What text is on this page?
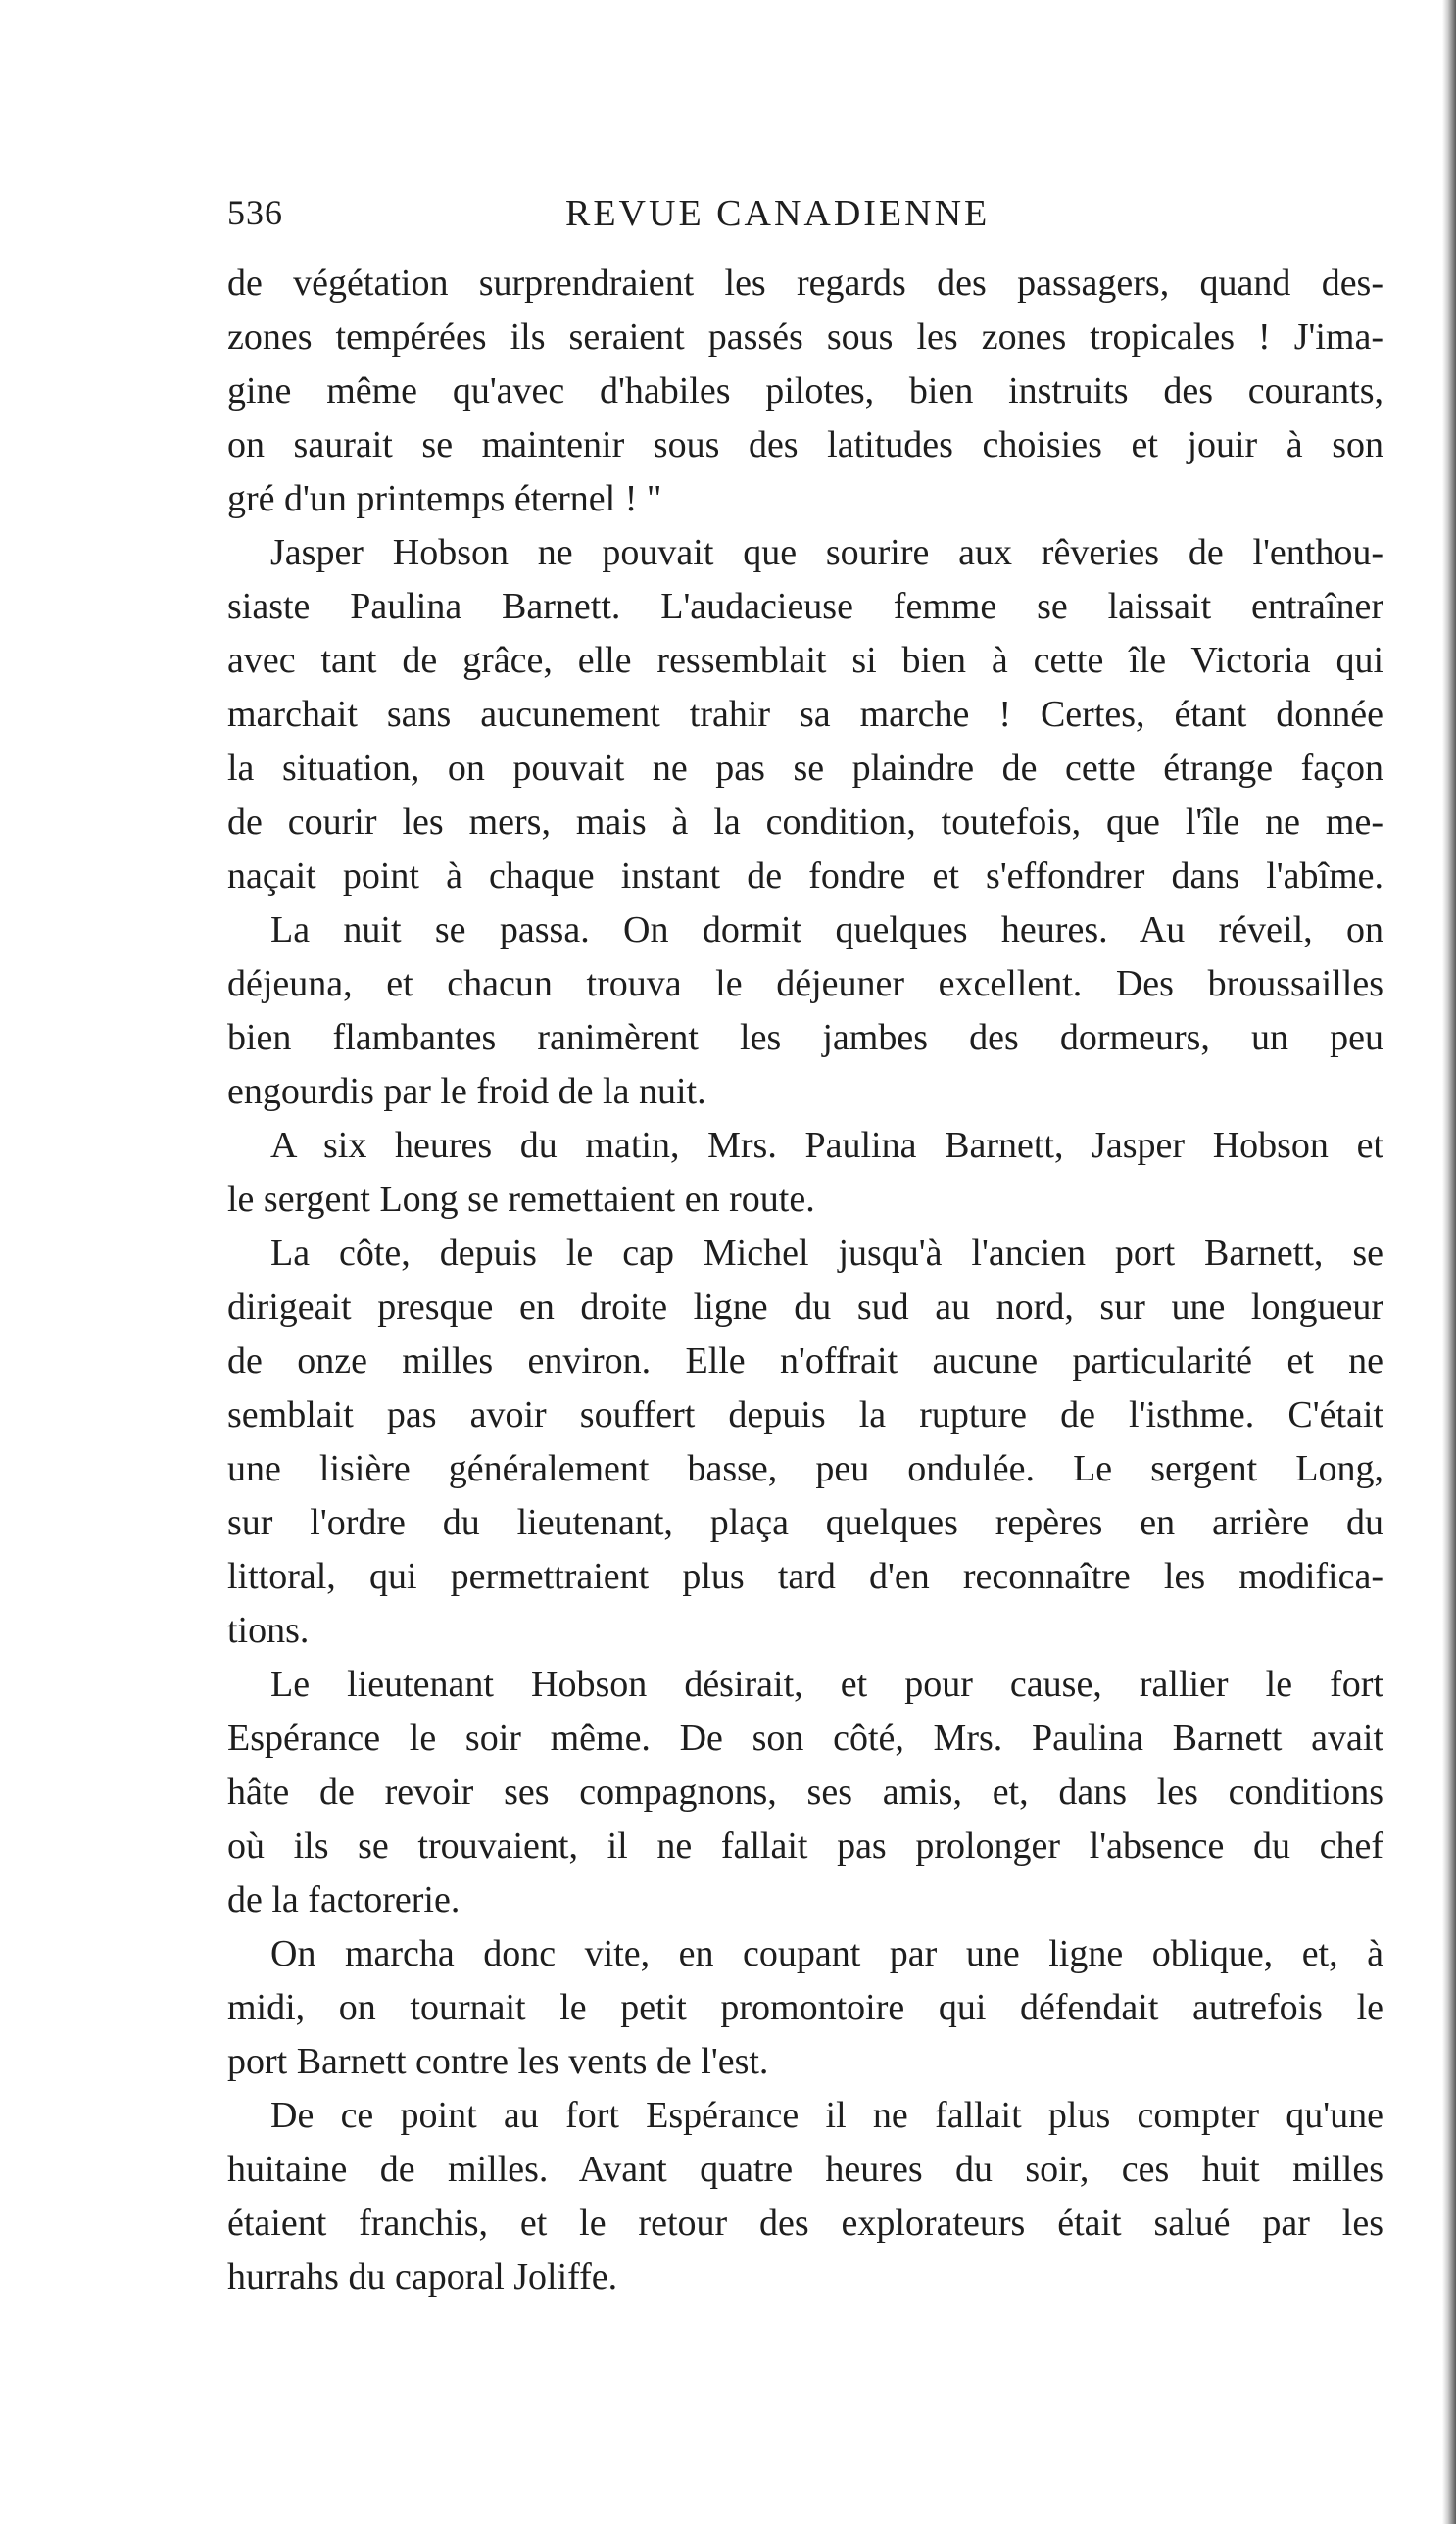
536	REVUE CANADIENNE
de végétation surprendraient les regards des passagers, quand des-
zones tempérées ils seraient passés sous les zones tropicales ! J'ima-
gine même qu'avec d'habiles pilotes, bien instruits des courants,
on saurait se maintenir sous des latitudes choisies et jouir à son
gré d'un printemps éternel ! "
Jasper Hobson ne pouvait que sourire aux rêveries de l'enthou-
siaste Paulina Barnett. L'audacieuse femme se laissait entraîner
avec tant de grâce, elle ressemblait si bien à cette île Victoria qui
marchait sans aucunement trahir sa marche ! Certes, étant donnée
la situation, on pouvait ne pas se plaindre de cette étrange façon
de courir les mers, mais à la condition, toutefois, que l'île ne me-
naçait point à chaque instant de fondre et s'effondrer dans l'abîme.
La nuit se passa. On dormit quelques heures. Au réveil, on
déjeuna, et chacun trouva le déjeuner excellent. Des broussailles
bien flambantes ranimèrent les jambes des dormeurs, un peu
engourdis par le froid de la nuit.
A six heures du matin, Mrs. Paulina Barnett, Jasper Hobson et
le sergent Long se remettaient en route.
La côte, depuis le cap Michel jusqu'à l'ancien port Barnett, se
dirigeait presque en droite ligne du sud au nord, sur une longueur
de onze milles environ. Elle n'offrait aucune particularité et ne
semblait pas avoir souffert depuis la rupture de l'isthme. C'était
une lisière généralement basse, peu ondulée. Le sergent Long,
sur l'ordre du lieutenant, plaça quelques repères en arrière du
littoral, qui permettraient plus tard d'en reconnaître les modifica-
tions.
Le lieutenant Hobson désirait, et pour cause, rallier le fort
Espérance le soir même. De son côté, Mrs. Paulina Barnett avait
hâte de revoir ses compagnons, ses amis, et, dans les conditions
où ils se trouvaient, il ne fallait pas prolonger l'absence du chef
de la factorerie.
On marcha donc vite, en coupant par une ligne oblique, et, à
midi, on tournait le petit promontoire qui défendait autrefois le
port Barnett contre les vents de l'est.
De ce point au fort Espérance il ne fallait plus compter qu'une
huitaine de milles. Avant quatre heures du soir, ces huit milles
étaient franchis, et le retour des explorateurs était salué par les
hurrahs du caporal Joliffe.
